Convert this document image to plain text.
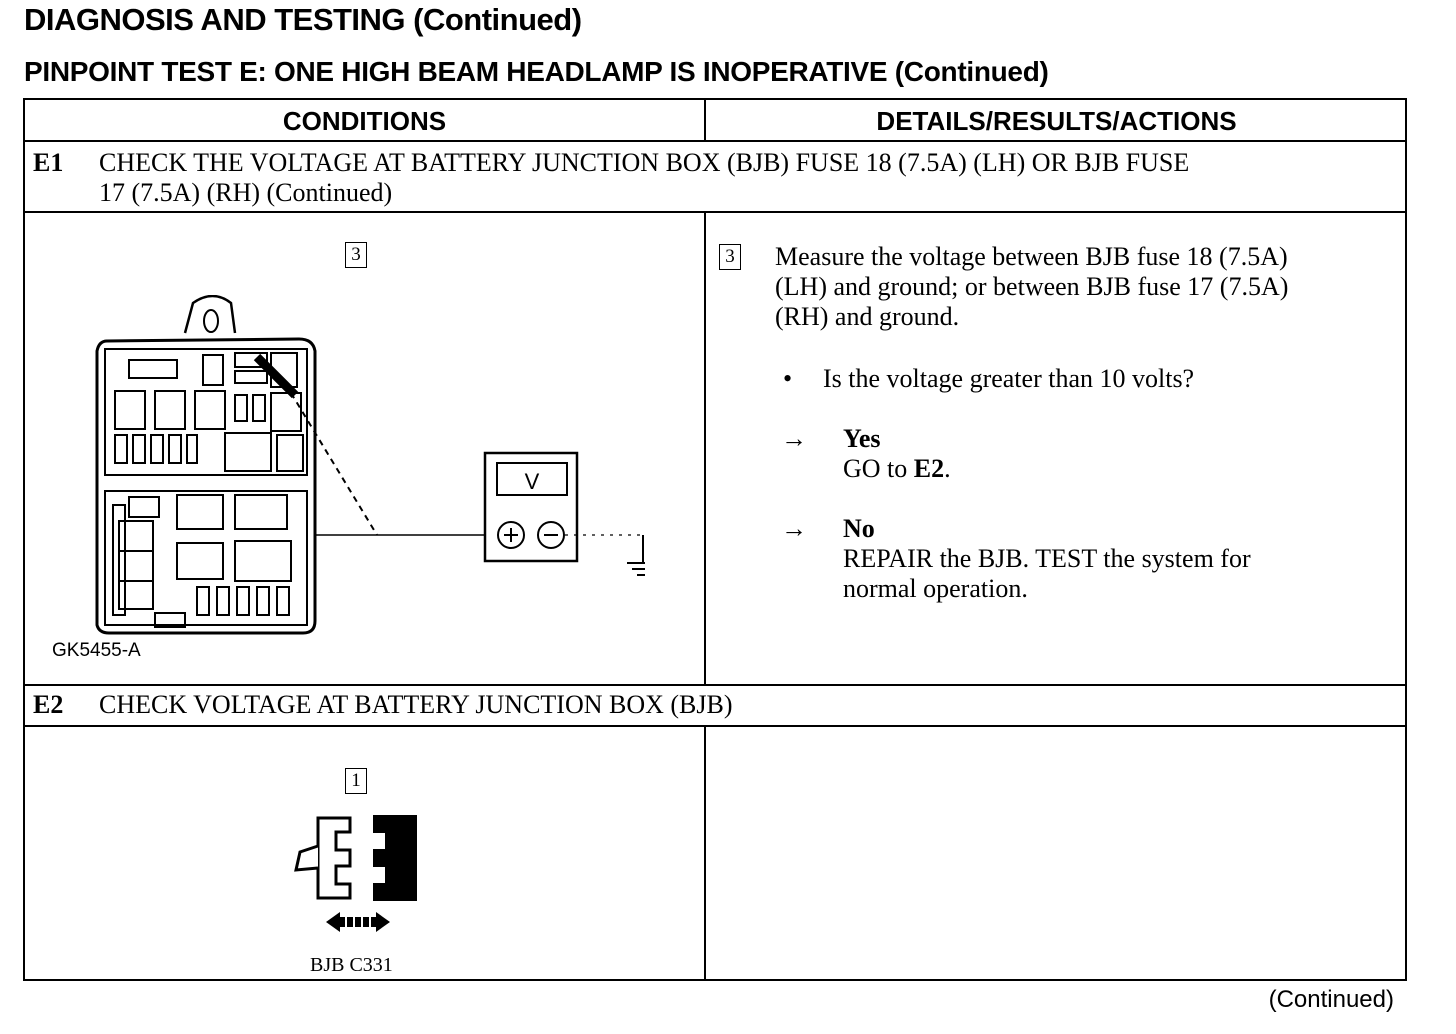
DIAGNOSIS AND TESTING (Continued)
PINPOINT TEST E: ONE HIGH BEAM HEADLAMP IS INOPERATIVE (Continued)
CONDITIONS	DETAILS/RESULTS/ACTIONS
E1 CHECK THE VOLTAGE AT BATTERY JUNCTION BOX (BJB) FUSE 18 (7.5A) (LH) OR BJB FUSE
17 (7.5A) (RH) (Continued)
3
V
3 Measure the voltage between BJB fuse 18 (7.5A)
(LH) and ground; or between BJB fuse 17 (7.5A)
(RH) and ground.
• Is the voltage greater than 10 volts?
→ Yes
GO to E2.
→ No
REPAIR the BJB. TEST the system for
normal operation.
E2 CHECK VOLTAGE AT BATTERY JUNCTION BOX (BJB)
1
GK5455-A
BJB C331
(Continued)
